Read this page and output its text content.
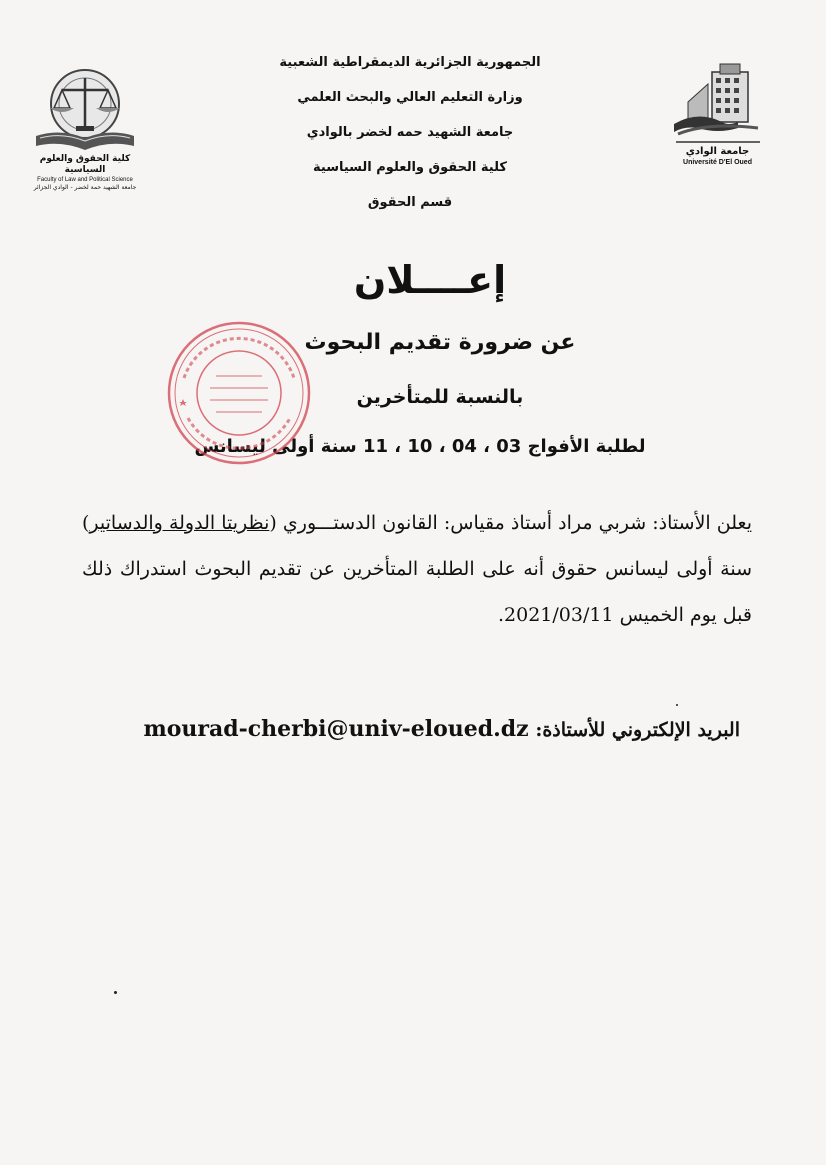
كلية الحقوق والعلوم السياسية
Faculty of Law and Political Science
جامعة الشهيد حمة لخضر - الوادي الجزائر
الجمهورية الجزائرية الديمقراطية الشعبية
وزارة التعليم العالي والبحث العلمي
جامعة الشهيد حمه لخضر بالوادي
كلية الحقوق والعلوم السياسية
قسم الحقوق
جامعة الوادي
Université D'El Oued
إعــــلان
عن ضرورة تقديم البحوث
بالنسبة للمتأخرين
لطلبة الأفواج 03 ، 04 ، 10 ، 11 سنة أولى ليسانس

يعلن الأستاذ: شربي مراد أستاذ مقياس: القانون الدستـــوري (نظريتا الدولة والدساتير) سنة أولى ليسانس حقوق أنه على الطلبة المتأخرين عن تقديم البحوث استدراك ذلك قبل يوم الخميس 2021/03/11.

البريد الإلكتروني للأستاذة: mourad-cherbi@univ-eloued.dz
